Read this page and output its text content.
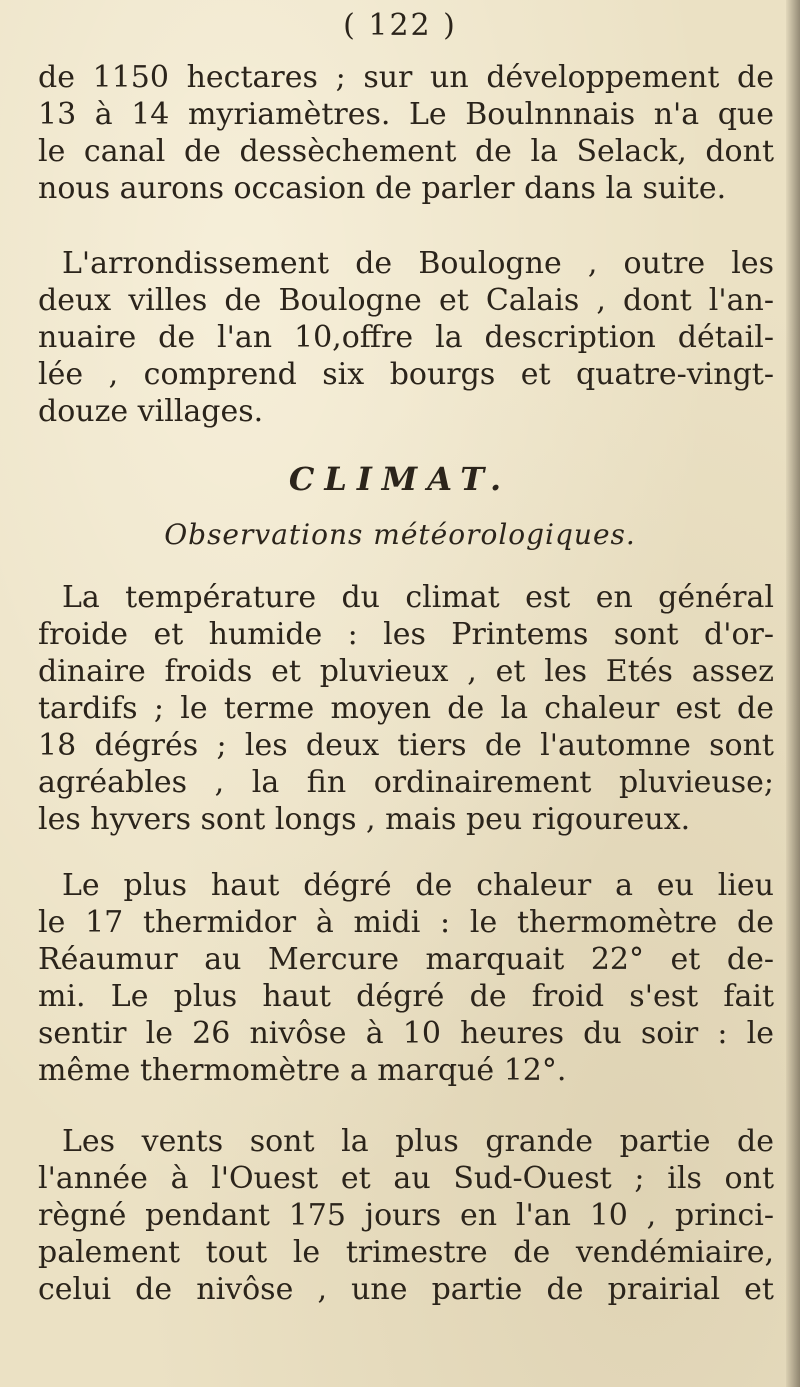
( 122 )
de 1150 hectares ; sur un développement de
13 à 14 myriamètres. Le Boulnnnais n'a que
le canal de dessèchement de la Selack, dont
nous aurons occasion de parler dans la suite.
L'arrondissement de Boulogne , outre les
deux villes de Boulogne et Calais , dont l'an-
nuaire de l'an 10,offre la description détail-
lée , comprend six bourgs et quatre-vingt-
douze villages.
CLIMAT.
Observations météorologiques.
La température du climat est en général
froide et humide : les Printems sont d'or-
dinaire froids et pluvieux , et les Etés assez
tardifs ; le terme moyen de la chaleur est de
18 dégrés ; les deux tiers de l'automne sont
agréables , la fin ordinairement pluvieuse;
les hyvers sont longs , mais peu rigoureux.
Le plus haut dégré de chaleur a eu lieu
le 17 thermidor à midi : le thermomètre de
Réaumur au Mercure marquait 22° et de-
mi. Le plus haut dégré de froid s'est fait
sentir le 26 nivôse à 10 heures du soir : le
même thermomètre a marqué 12°.
Les vents sont la plus grande partie de
l'année à l'Ouest et au Sud-Ouest ; ils ont
règné pendant 175 jours en l'an 10 , princi-
palement tout le trimestre de vendémiaire,
celui de nivôse , une partie de prairial et
